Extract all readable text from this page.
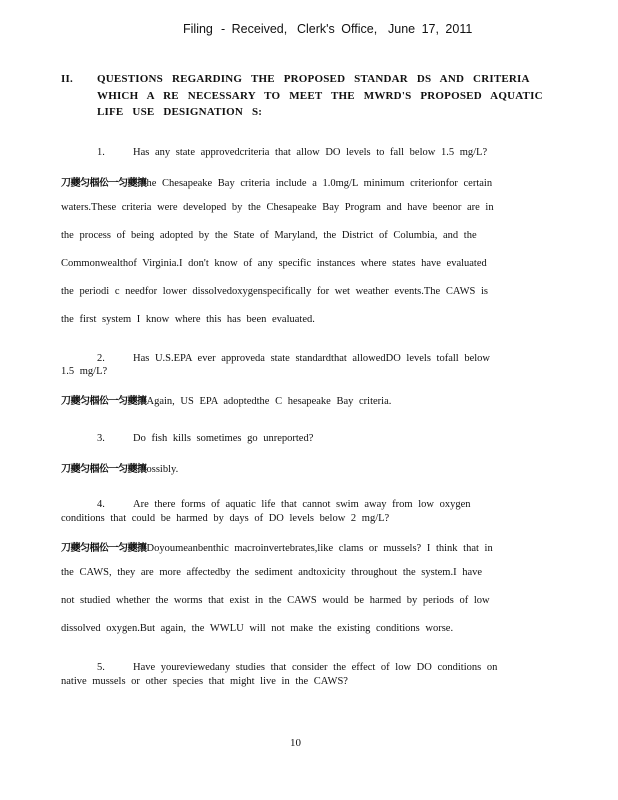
Filing - Received, Clerk's Office, June 17, 2011
II. QUESTIONS REGARDING THE PROPOSED STANDAR DS AND CRITERIA
WHICH A RE NECESSARY TO MEET THE MWRD'S PROPOSED AQUATIC
LIFE USE DESIGNATION S:
1.	Has any state approvedcriteria that allow DO levels to fall below 1.5 mg/L?
刀蘷匀椢伀一匀蘷攘he Chesapeake Bay criteria include a 1.0mg/L minimum criterionfor certain
waters.These criteria were developed by the Chesapeake Bay Program and have beenor are in
the process of being adopted by the State of Maryland, the District of Columbia, and the
Commonwealthof Virginia.I don't know of any specific instances where states have evaluated
the periodi c needfor lower dissolvedoxygenspecifically for wet weather events.The CAWS is
the first system I know where this has been evaluated.
2.	Has U.S.EPA ever approveda state standardthat allowedDO levels tofall below
1.5 mg/L?
刀蘷匀椢伀一匀蘷攘Again, US EPA adoptedthe C hesapeake Bay criteria.
3.	Do fish kills sometimes go unreported?
刀蘷匀椢伀一匀蘷攘ossibly.
4.	Are there forms of aquatic life that cannot swim away from low oxygen
conditions that could be harmed by days of DO levels below 2 mg/L?
刀蘷匀椢伀一匀蘷攘Doyoumeanbenthic macroinvertebrates,like clams or mussels? I think that in
the CAWS, they are more affectedby the sediment andtoxicity throughout the system.I have
not studied whether the worms that exist in the CAWS would be harmed by periods of low
dissolved oxygen.But again, the WWLU will not make the existing conditions worse.
5.	Have youreviewedany studies that consider the effect of low DO conditions on
native mussels or other species that might live in the CAWS?
10
